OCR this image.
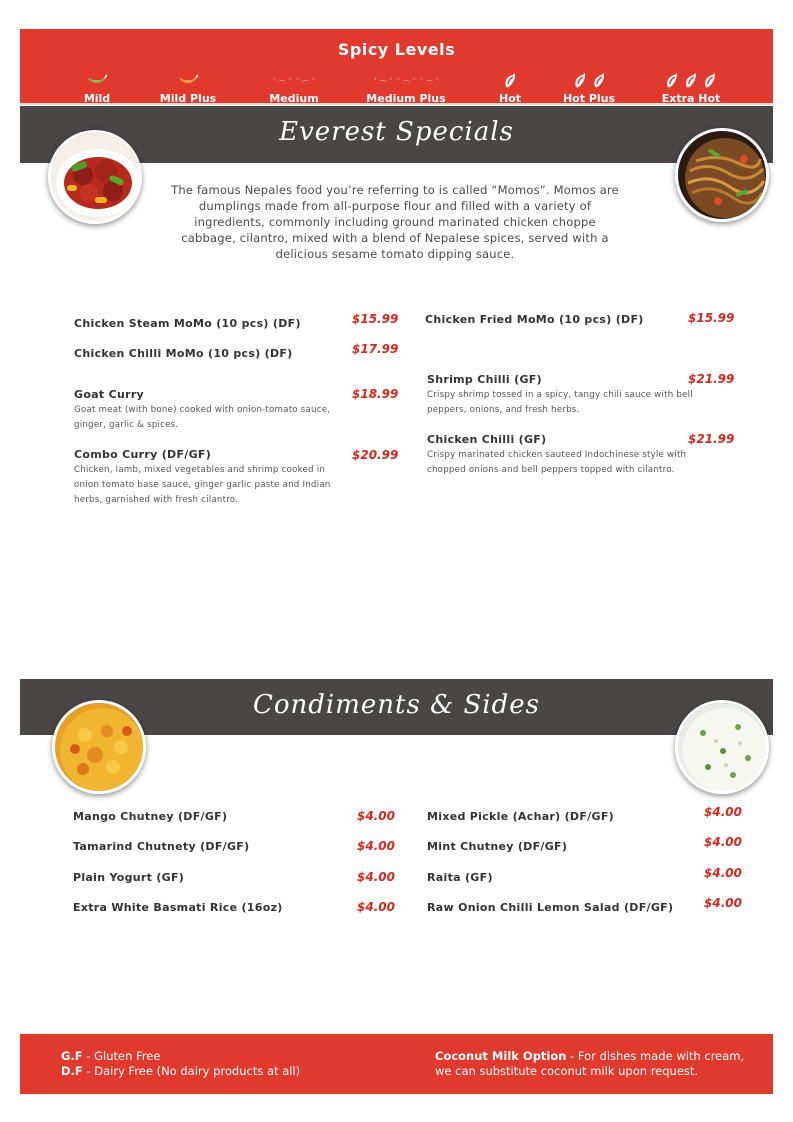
Spicy Levels
Mild	Mild Plus	Medium	Medium Plus	Hot	Hot Plus	Extra Hot
Everest Specials
The famous Nepales food you’re referring to is called “Momos”. Momos are dumplings made from all-purpose flour and filled with a variety of ingredients, commonly including ground marinated chicken choppe cabbage, cilantro, mixed with a blend of Nepalese spices, served with a delicious sesame tomato dipping sauce.
Chicken Steam MoMo (10 pcs) (DF)	$15.99
Chicken Chilli MoMo (10 pcs) (DF)	$17.99
Goat Curry	$18.99
Goat meat (with bone) cooked with onion-tomato sauce, ginger, garlic & spices.
Combo Curry (DF/GF)	$20.99
Chicken, lamb, mixed vegetables and shrimp cooked in onion tomato base sauce, ginger garlic paste and Indian herbs, garnished with fresh cilantro.
Chicken Fried MoMo (10 pcs) (DF)	$15.99
Shrimp Chilli (GF)	$21.99
Crispy shrimp tossed in a spicy, tangy chili sauce with bell peppers, onions, and fresh herbs.
Chicken Chilli (GF)	$21.99
Crispy marinated chicken sauteed Indochinese style with chopped onions and bell peppers topped with cilantro.
Condiments & Sides
Mango Chutney (DF/GF)	$4.00
Tamarind Chutnety (DF/GF)	$4.00
Plain Yogurt (GF)	$4.00
Extra White Basmati Rice (16oz)	$4.00
Mixed Pickle (Achar) (DF/GF)	$4.00
Mint Chutney (DF/GF)	$4.00
Raita (GF)	$4.00
Raw Onion Chilli Lemon Salad (DF/GF)	$4.00
G.F - Gluten Free
D.F - Dairy Free (No dairy products at all)
Coconut Milk Option - For dishes made with cream, we can substitute coconut milk upon request.
